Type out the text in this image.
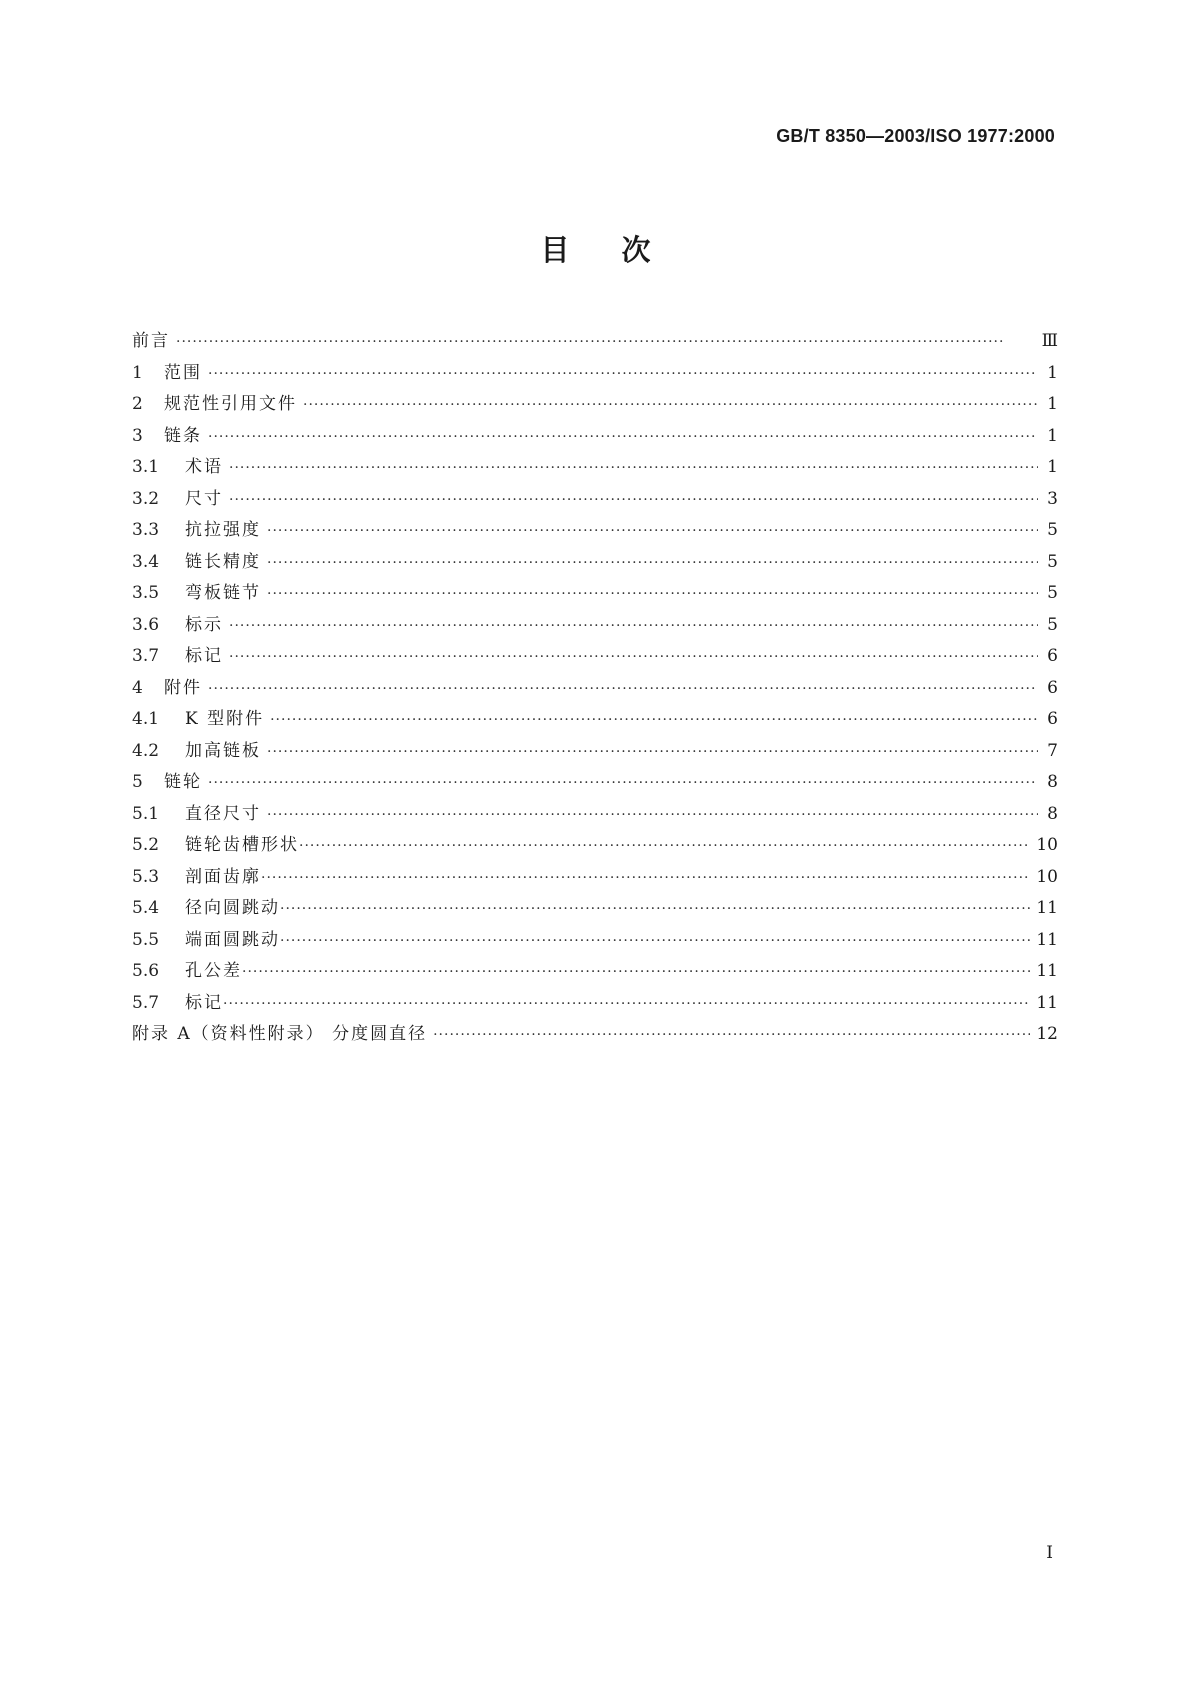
GB/T 8350—2003/ISO 1977:2000
目次
前言 ·····	Ⅲ
1	范围 ·····	1
2	规范性引用文件 ·····	1
3	链条 ·····	1
3.1	术语 ·····	1
3.2	尺寸 ·····	3
3.3	抗拉强度 ·····	5
3.4	链长精度 ·····	5
3.5	弯板链节 ·····	5
3.6	标示 ·····	5
3.7	标记 ·····	6
4	附件 ·····	6
4.1	K 型附件 ·····	6
4.2	加高链板 ·····	7
5	链轮 ·····	8
5.1	直径尺寸 ·····	8
5.2	链轮齿槽形状 ·····	10
5.3	剖面齿廓 ·····	10
5.4	径向圆跳动 ·····	11
5.5	端面圆跳动 ·····	11
5.6	孔公差 ·····	11
5.7	标记 ·····	11
附录 A（资料性附录） 分度圆直径 ·····	12
I
